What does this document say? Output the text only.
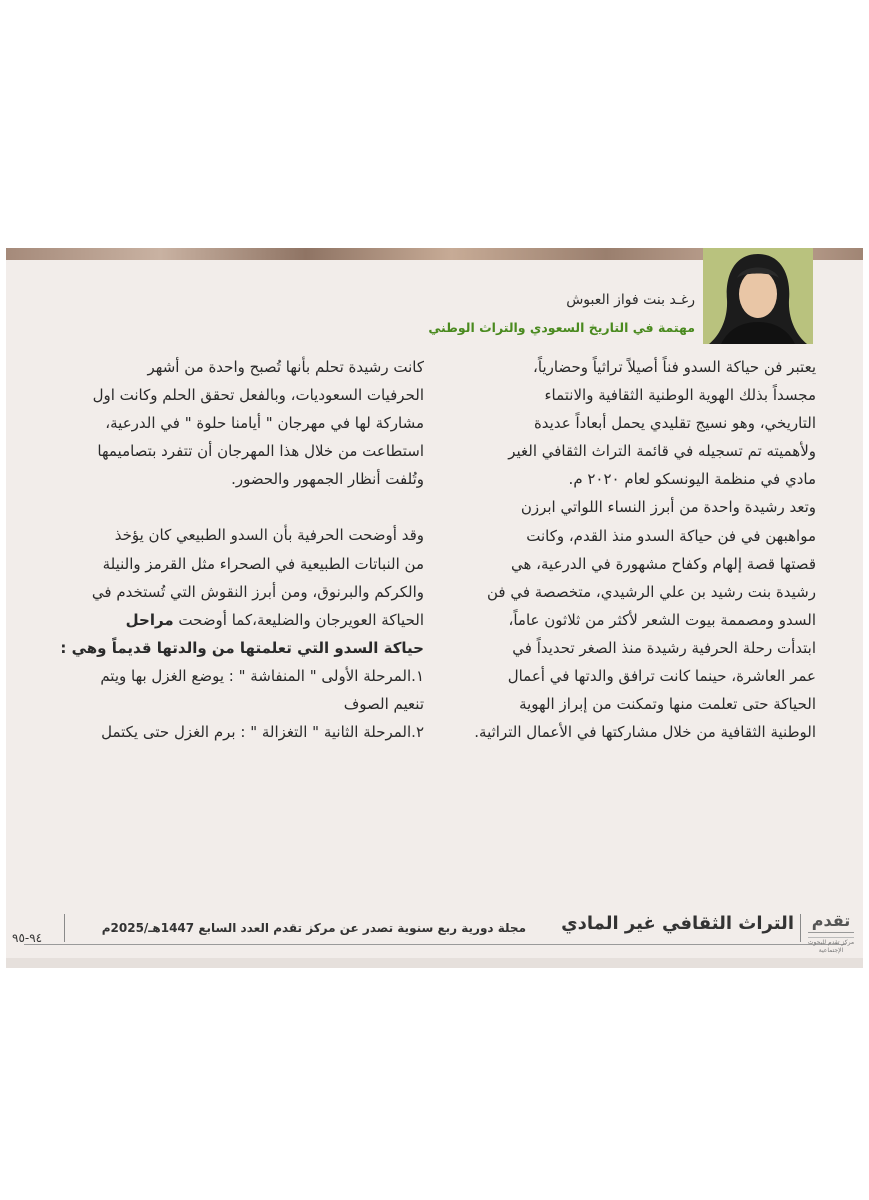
رغـد بنت فواز العبوش
مهتمة في التاريخ السعودي والتراث الوطني
يعتبر فن حياكة السدو فناً أصيلاً تراثياً وحضارياً،
مجسداً بذلك الهوية الوطنية الثقافية والانتماء
التاريخي، وهو نسيج تقليدي يحمل أبعاداً عديدة
ولأهميته تم تسجيله في قائمة التراث الثقافي الغير
مادي في منظمة اليونسكو لعام ٢٠٢٠ م.
وتعد رشيدة واحدة من أبرز النساء اللواتي ابرزن
مواهبهن في فن حياكة السدو منذ القدم، وكانت
قصتها قصة إلهام وكفاح مشهورة في الدرعية، هي
رشيدة بنت رشيد بن علي الرشيدي، متخصصة في فن
السدو ومصممة بيوت الشعر لأكثر من ثلاثون عاماً،
ابتدأت رحلة الحرفية رشيدة منذ الصغر تحديداً في
عمر العاشرة، حينما كانت ترافق والدتها في أعمال
الحياكة حتى تعلمت منها وتمكنت من إبراز الهوية
الوطنية الثقافية من خلال مشاركتها في الأعمال التراثية.
كانت رشيدة تحلم بأنها تُصبح واحدة من أشهر
الحرفيات السعوديات، وبالفعل تحقق الحلم وكانت اول
مشاركة لها في مهرجان " أيامنا حلوة " في الدرعية،
استطاعت من خلال هذا المهرجان أن تتفرد بتصاميمها
وتُلفت أنظار الجمهور والحضور.
وقد أوضحت الحرفية بأن السدو الطبيعي كان يؤخذ
من النباتات الطبيعية في الصحراء مثل القرمز والنيلة
والكركم والبرنوق، ومن أبرز النقوش التي تُستخدم في
الحياكة العويرجان والضليعة،كما أوضحت مراحل
حياكة السدو التي تعلمتها من والدتها قديماً وهي :
١.المرحلة الأولى " المنفاشة " : يوضع الغزل بها ويتم
تنعيم الصوف
٢.المرحلة الثانية " التغزالة " : برم الغزل حتى يكتمل
تقدم
مركز تقدم للبحوث الإجتماعية
التراث الثقافي غير المادي
مجلة دورية ربع سنوية تصدر عن مركز تقدم العدد السابع 1447هـ/2025م
٩٤-٩٥
